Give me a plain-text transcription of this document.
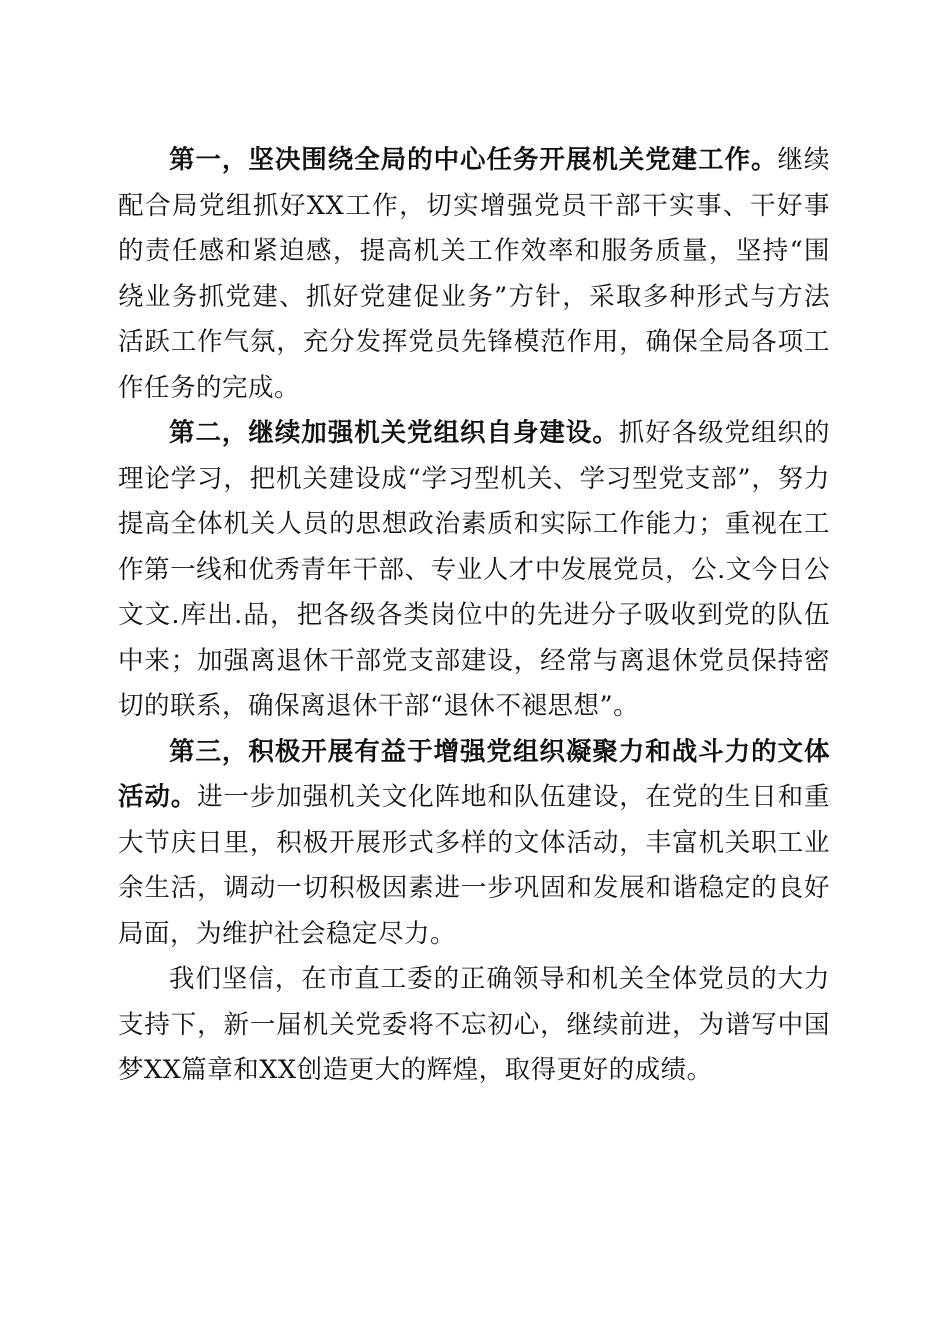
第一，坚决围绕全局的中心任务开展机关党建工作。继续配合局党组抓好XX工作，切实增强党员干部干实事、干好事的责任感和紧迫感，提高机关工作效率和服务质量，坚持“围绕业务抓党建、抓好党建促业务”方针，采取多种形式与方法活跃工作气氛，充分发挥党员先锋模范作用，确保全局各项工作任务的完成。

第二，继续加强机关党组织自身建设。抓好各级党组织的理论学习，把机关建设成“学习型机关、学习型党支部”，努力提高全体机关人员的思想政治素质和实际工作能力；重视在工作第一线和优秀青年干部、专业人才中发展党员，公.文今日公文文.库出.品，把各级各类岗位中的先进分子吸收到党的队伍中来；加强离退休干部党支部建设，经常与离退休党员保持密切的联系，确保离退休干部“退休不褪思想”。

第三，积极开展有益于增强党组织凝聚力和战斗力的文体活动。进一步加强机关文化阵地和队伍建设，在党的生日和重大节庆日里，积极开展形式多样的文体活动，丰富机关职工业余生活，调动一切积极因素进一步巩固和发展和谐稳定的良好局面，为维护社会稳定尽力。

我们坚信，在市直工委的正确领导和机关全体党员的大力支持下，新一届机关党委将不忘初心，继续前进，为谱写中国梦XX篇章和XX创造更大的辉煌，取得更好的成绩。
